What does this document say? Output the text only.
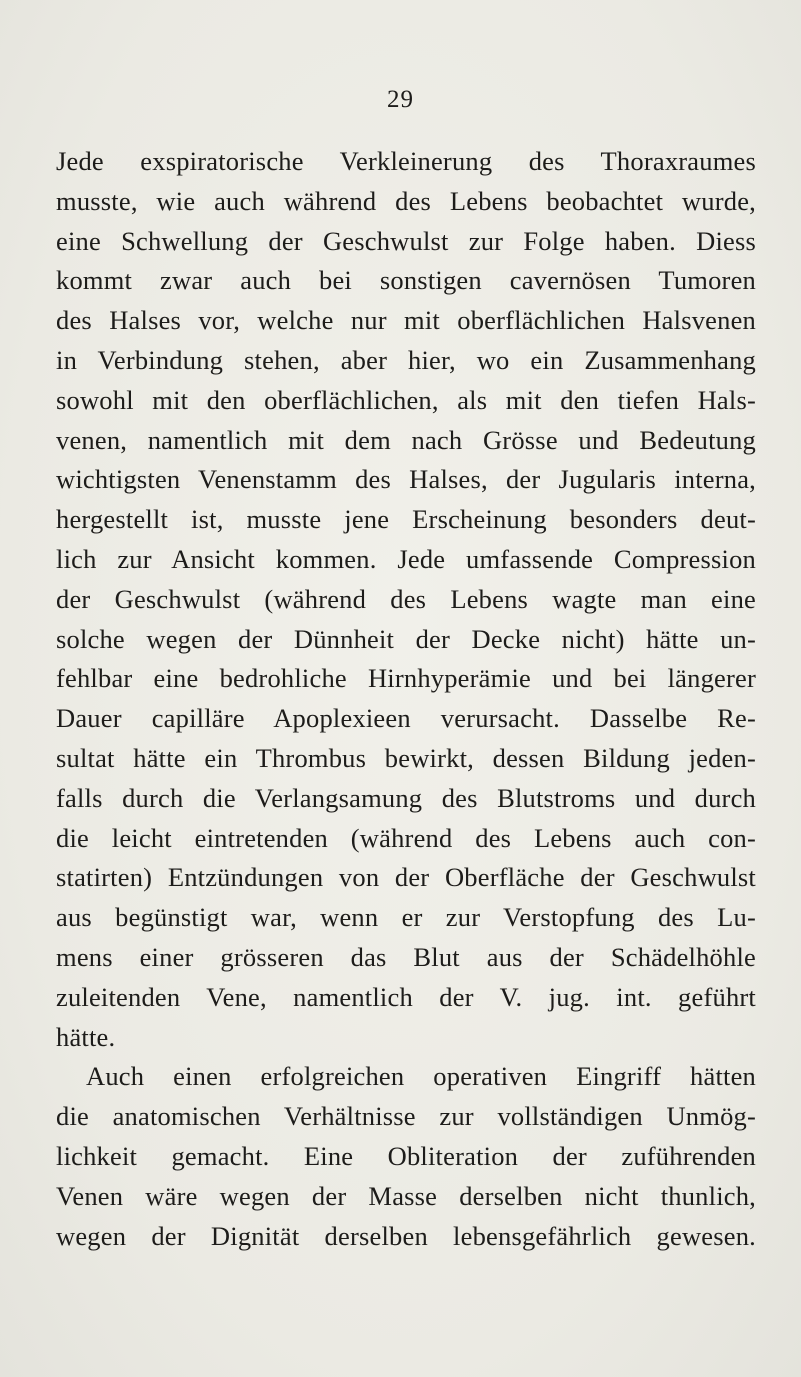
29
Jede exspiratorische Verkleinerung des Thoraxraumes
musste, wie auch während des Lebens beobachtet wurde,
eine Schwellung der Geschwulst zur Folge haben. Diess
kommt zwar auch bei sonstigen cavernösen Tumoren
des Halses vor, welche nur mit oberflächlichen Halsvenen
in Verbindung stehen, aber hier, wo ein Zusammenhang
sowohl mit den oberflächlichen, als mit den tiefen Hals-
venen, namentlich mit dem nach Grösse und Bedeutung
wichtigsten Venenstamm des Halses, der Jugularis interna,
hergestellt ist, musste jene Erscheinung besonders deut-
lich zur Ansicht kommen. Jede umfassende Compression
der Geschwulst (während des Lebens wagte man eine
solche wegen der Dünnheit der Decke nicht) hätte un-
fehlbar eine bedrohliche Hirnhyperämie und bei längerer
Dauer capilläre Apoplexieen verursacht. Dasselbe Re-
sultat hätte ein Thrombus bewirkt, dessen Bildung jeden-
falls durch die Verlangsamung des Blutstroms und durch
die leicht eintretenden (während des Lebens auch con-
statirten) Entzündungen von der Oberfläche der Geschwulst
aus begünstigt war, wenn er zur Verstopfung des Lu-
mens einer grösseren das Blut aus der Schädelhöhle
zuleitenden Vene, namentlich der V. jug. int. geführt
hätte.
Auch einen erfolgreichen operativen Eingriff hätten
die anatomischen Verhältnisse zur vollständigen Unmög-
lichkeit gemacht. Eine Obliteration der zuführenden
Venen wäre wegen der Masse derselben nicht thunlich,
wegen der Dignität derselben lebensgefährlich gewesen.
